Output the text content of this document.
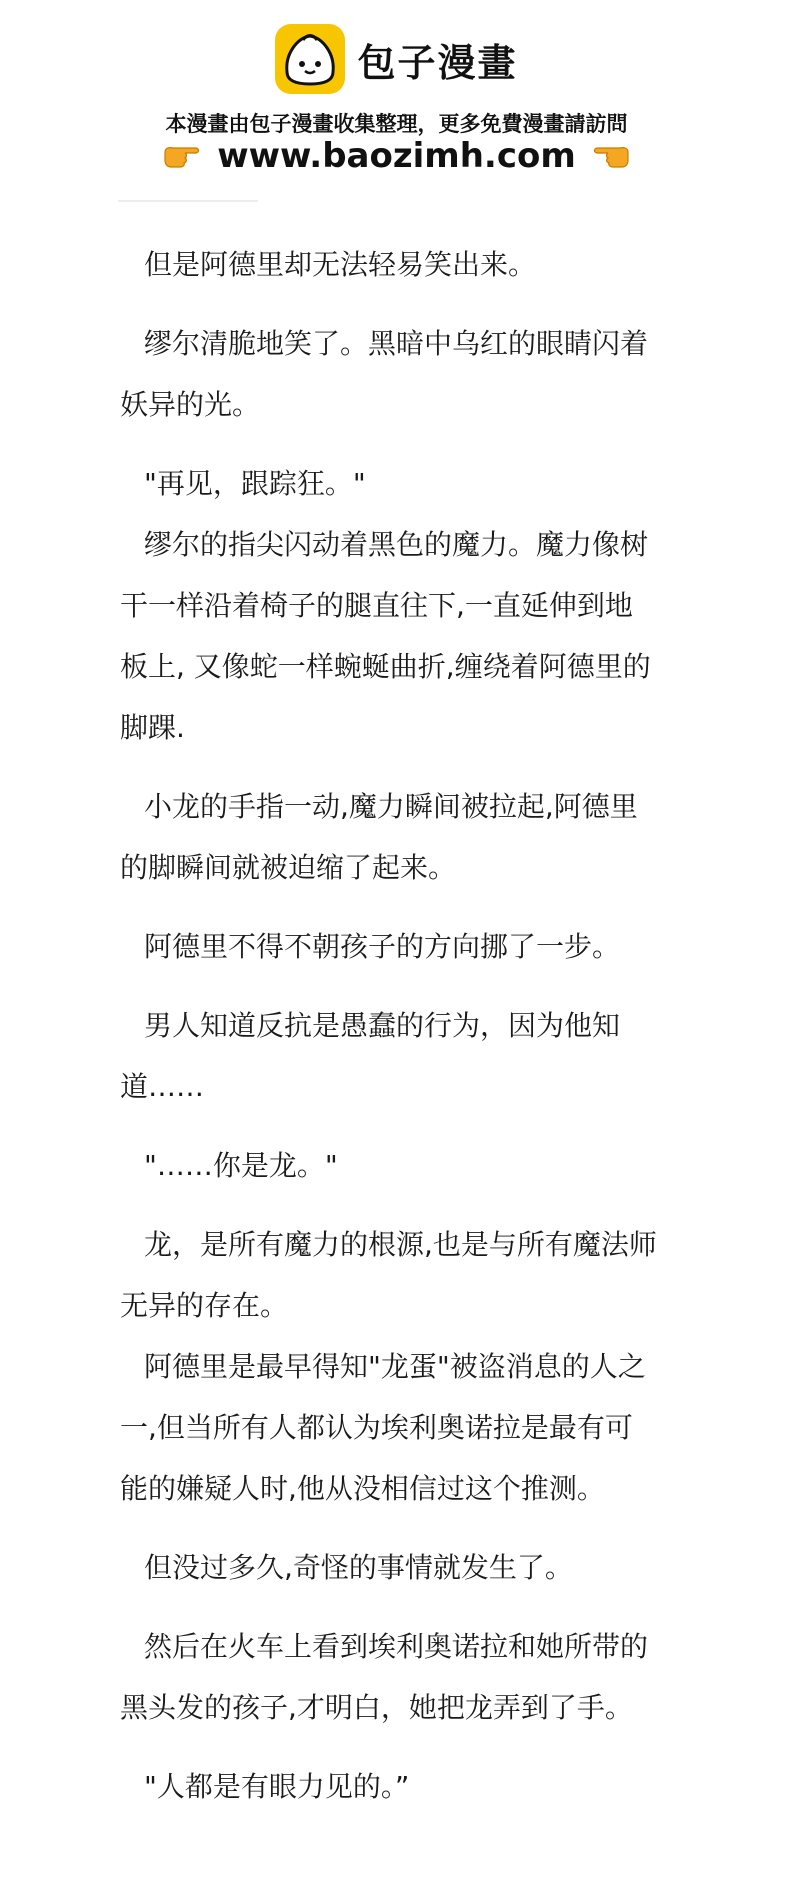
包子漫畫
本漫畫由包子漫畫收集整理，更多免費漫畫請訪問
www.baozimh.com

但是阿德里却无法轻易笑出来。

缪尔清脆地笑了。黑暗中乌红的眼睛闪着
妖异的光。

"再见，跟踪狂。"

缪尔的指尖闪动着黑色的魔力。魔力像树
干一样沿着椅子的腿直往下,一直延伸到地
板上, 又像蛇一样蜿蜒曲折,缠绕着阿德里的
脚踝.

小龙的手指一动,魔力瞬间被拉起,阿德里
的脚瞬间就被迫缩了起来。

阿德里不得不朝孩子的方向挪了一步。

男人知道反抗是愚蠢的行为，因为他知
道……

"……你是龙。"

龙，是所有魔力的根源,也是与所有魔法师
无异的存在。

阿德里是最早得知"龙蛋"被盗消息的人之
一,但当所有人都认为埃利奥诺拉是最有可
能的嫌疑人时,他从没相信过这个推测。

但没过多久,奇怪的事情就发生了。

然后在火车上看到埃利奥诺拉和她所带的
黑头发的孩子,才明白，她把龙弄到了手。

"人都是有眼力见的。”
